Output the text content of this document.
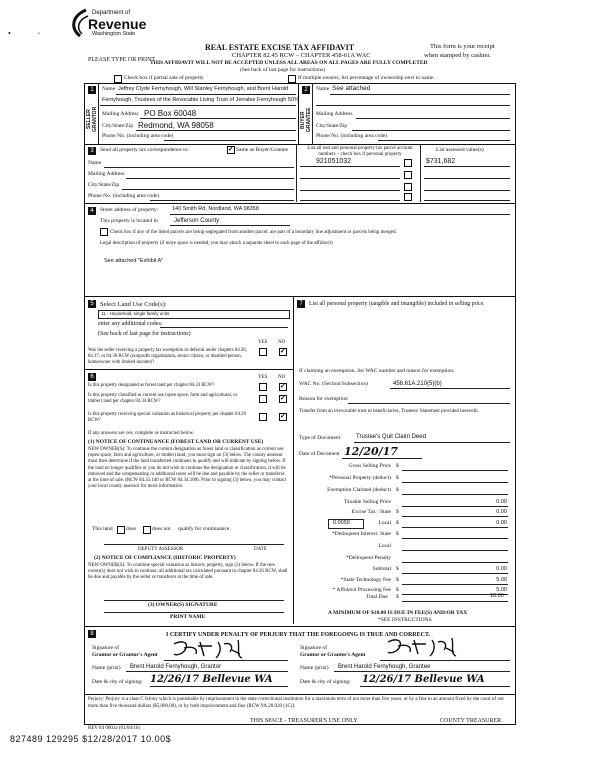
Department of
Revenue
Washington State
•	•
REAL ESTATE EXCISE TAX AFFIDAVIT
CHAPTER 82.45 RCW – CHAPTER 458-61A WAC
THIS AFFIDAVIT WILL NOT BE ACCEPTED UNLESS ALL AREAS ON ALL PAGES ARE FULLY COMPLETED
(See back of last page for instructions)
PLEASE TYPE OR PRINT
This form is your receipt
when stamped by cashier.
Check box if partial sale of property	If multiple owners, list percentage of ownership next to name.
1
SELLER GRANTOR
Name Jeffrey Clyde Fernyhough, Will Stanley Fernyhough, and Brent Harold
Fernyhough, Trustees of the Revocable Living Trust of Jerralee Fernyhough 50%
Mailing Address PO Box 60048
City/State/Zip Redmond, WA 98058
Phone No. (including area code)
2
BUYER GRANTEE
Name See attached
Mailing Address
City/State/Zip
Phone No. (including area code)
3	Send all property tax correspondence to: ✓	Same as Buyer/Grantee
Name
Mailing Address
City/State/Zip
Phone No. (including area code)
List all real and personal property tax parcel account numbers – check box if personal property
List assessed value(s)
921051032	$731,682
4	Street address of property:	140 Smith Rd, Nordland, WA 98358
This property is located in	Jefferson County
Check box if any of the listed parcels are being segregated from another parcel, are part of a boundary line adjustment or parcels being merged.
Legal description of property (if more space is needed, you may attach a separate sheet to each page of the affidavit)
See attached "Exhibit A"
5 Select Land Use Code(s):
11 - Household, single family units
enter any additional codes:
(See back of last page for instructions)
YES NO
Was the seller receiving a property tax exemption or deferral under chapters 84.36, 84.37, or 84.38 RCW (nonprofit organization, senior citizen, or disabled person, homeowner with limited income)?
✓
7	List all personal property (tangible and intangible) included in selling price.
6	YES NO
Is this property designated as forest land per chapter 84.33 RCW?
✓
Is this property classified as current use (open space, farm and agricultural, or timber) land per chapter 84.34 RCW?
✓
Is this property receiving special valuation as historical property per chapter 84.26 RCW?
✓
If any answers are yes, complete as instructed below.
(1) NOTICE OF CONTINUANCE (FOREST LAND OR CURRENT USE)
NEW OWNER(S): To continue the current designation as forest land or classification as current use (open space, farm and agriculture, or timber) land, you must sign on (3) below. The county assessor must then determine if the land transferred continues to qualify and will indicate by signing below. If the land no longer qualifies or you do not wish to continue the designation or classification, it will be removed and the compensating or additional taxes will be due and payable by the seller or transferor at the time of sale. (RCW 84.33.140 or RCW 84.34.108). Prior to signing (3) below, you may contact your local county assessor for more information.
This land does	does not qualify for continuance.
DEPUTY ASSESSOR	DATE
(2) NOTICE OF COMPLIANCE (HISTORIC PROPERTY)
NEW OWNER(S): To continue special valuation as historic property, sign (3) below. If the new owner(s) does not wish to continue, all additional tax calculated pursuant to chapter 84.26 RCW, shall be due and payable by the seller or transferor at the time of sale.
(3) OWNER(S) SIGNATURE
PRINT NAME
If claiming an exemption, list WAC number and reason for exemption:
WAC No. (Section/Subsection)	458.61A.210(5)(b)
Reason for exemption
Transfer from an irrevocable trust to beneficiaries, Trustees' Statement provided herewith.
Type of Document	Trustee's Quit Claim Deed
Date of Document 12/20/17
Gross Selling Price $
*Personal Property (deduct) $
Exemption Claimed (deduct) $
Taxable Selling Price	0.00
Excise Tax : State $	0.00
0.0050	Local $	0.00
*Delinquent Interest: State $
Local
*Delinquent Penalty
Subtotal $	0.00
*State Technology Fee $	5.00
* Affidavit Processing Fee $	5.00
Total Due $	10.00
A MINIMUM OF $10.00 IS DUE IN FEE(S) AND/OR TAX
*SEE INSTRUCTIONS
8	I CERTIFY UNDER PENALTY OF PERJURY THAT THE FOREGOING IS TRUE AND CORRECT.
Signature of
Grantor or Grantor's Agent
Name (print) Brent Harold Fernyhough, Grantor
Date & city of signing: 12/26/17 Bellevue WA
Signature of
Grantor or Grantee's Agent
Name (print) Brent Harold Fernyhough, Grantee
Date & city of signing: 12/26/17 Bellevue WA
Perjury: Perjury is a class C felony which is punishable by imprisonment in the state correctional institution for a maximum term of not more than five years, or by a fine in an amount fixed by the court of not more than five thousand dollars ($5,000.00), or by both imprisonment and fine (RCW 9A.20.020 (1C)).
REV 84 0001a (01/04/16)
THIS SPACE - TREASURER'S USE ONLY	COUNTY TREASURER
827489 129295 $12/28/2017 10.00$
